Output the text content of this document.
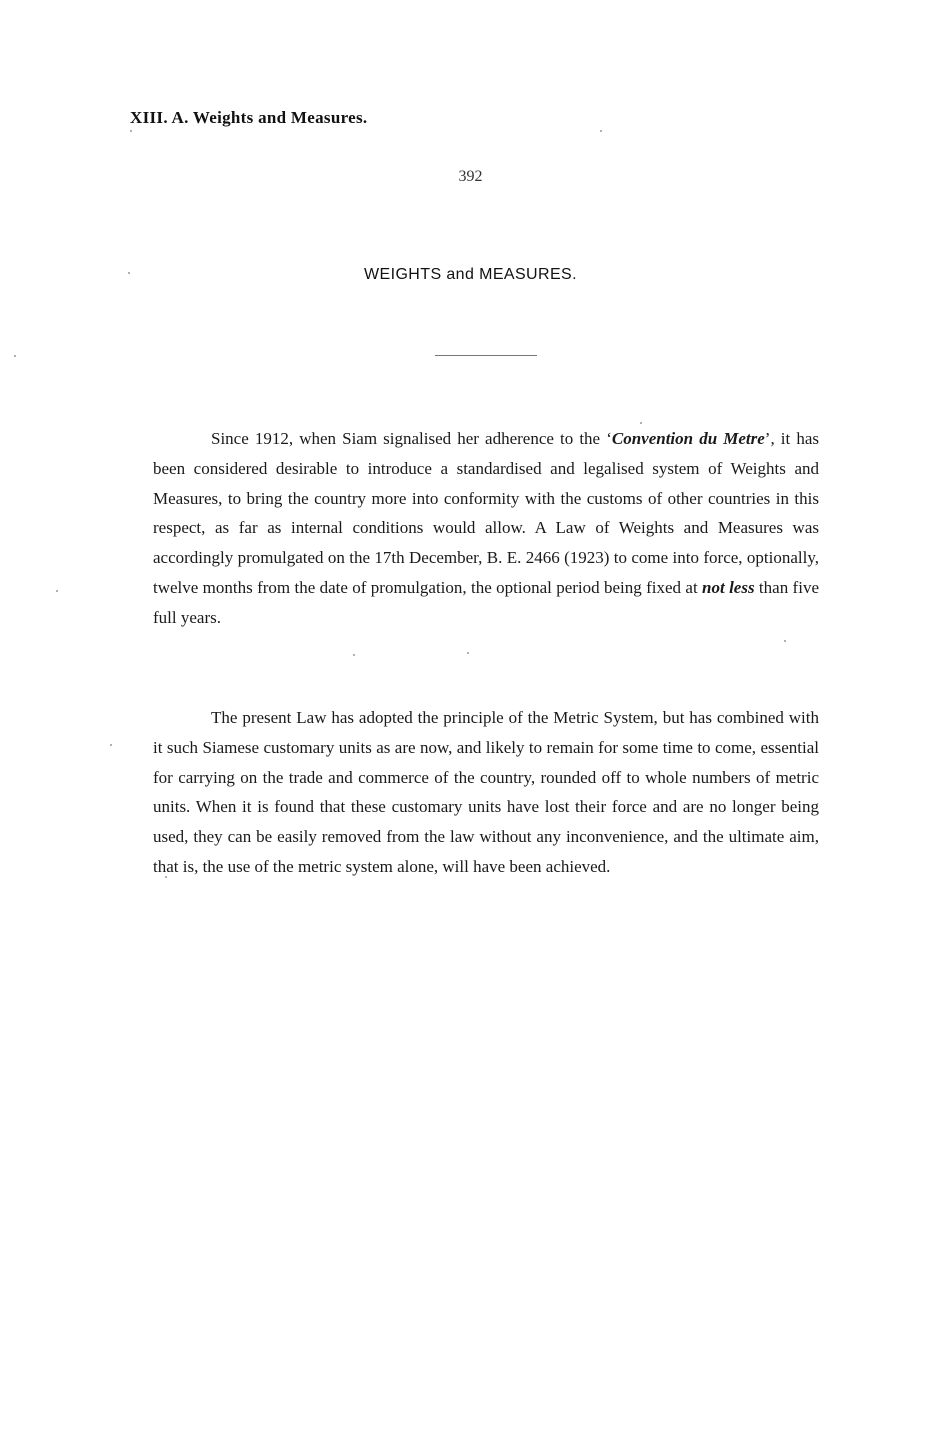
XIII. A. Weights and Measures.
392
WEIGHTS and MEASURES.

Since 1912, when Siam signalised her adherence to the ‘Convention du Metre’, it has been considered desirable to introduce a standardised and legalised system of Weights and Measures, to bring the country more into conformity with the customs of other countries in this respect, as far as internal conditions would allow. A Law of Weights and Measures was accordingly promulgated on the 17th December, B. E. 2466 (1923) to come into force, optionally, twelve months from the date of promulgation, the optional period being fixed at not less than five full years.

The present Law has adopted the principle of the Metric System, but has combined with it such Siamese customary units as are now, and likely to remain for some time to come, essential for carrying on the trade and commerce of the country, rounded off to whole numbers of metric units. When it is found that these customary units have lost their force and are no longer being used, they can be easily removed from the law without any inconvenience, and the ultimate aim, that is, the use of the metric system alone, will have been achieved.
